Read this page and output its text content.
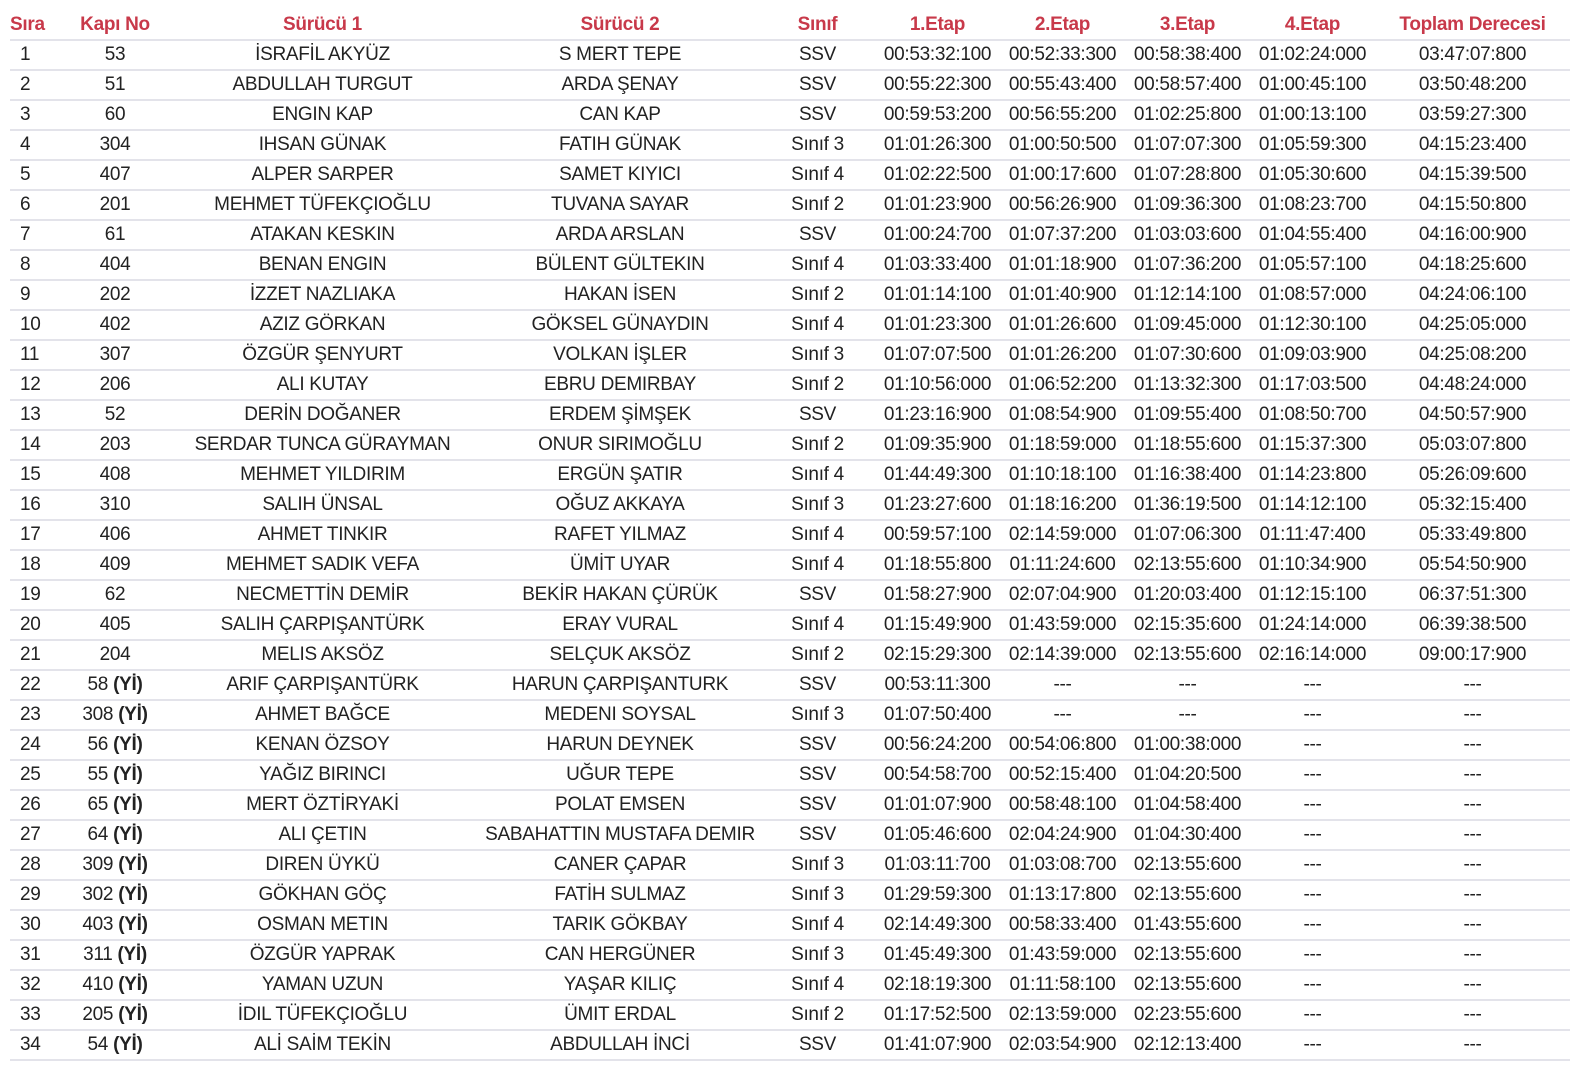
Sıra	Kapı No	Sürücü 1	Sürücü 2	Sınıf	1.Etap	2.Etap	3.Etap	4.Etap	Toplam Derecesi
1	53	İSRAFİL AKYÜZ	S MERT TEPE	SSV	00:53:32:100	00:52:33:300	00:58:38:400	01:02:24:000	03:47:07:800
2	51	ABDULLAH TURGUT	ARDA ŞENAY	SSV	00:55:22:300	00:55:43:400	00:58:57:400	01:00:45:100	03:50:48:200
3	60	ENGIN KAP	CAN KAP	SSV	00:59:53:200	00:56:55:200	01:02:25:800	01:00:13:100	03:59:27:300
4	304	IHSAN GÜNAK	FATIH GÜNAK	Sınıf 3	01:01:26:300	01:00:50:500	01:07:07:300	01:05:59:300	04:15:23:400
5	407	ALPER SARPER	SAMET KIYICI	Sınıf 4	01:02:22:500	01:00:17:600	01:07:28:800	01:05:30:600	04:15:39:500
6	201	MEHMET TÜFEKÇIOĞLU	TUVANA SAYAR	Sınıf 2	01:01:23:900	00:56:26:900	01:09:36:300	01:08:23:700	04:15:50:800
7	61	ATAKAN KESKIN	ARDA ARSLAN	SSV	01:00:24:700	01:07:37:200	01:03:03:600	01:04:55:400	04:16:00:900
8	404	BENAN ENGIN	BÜLENT GÜLTEKIN	Sınıf 4	01:03:33:400	01:01:18:900	01:07:36:200	01:05:57:100	04:18:25:600
9	202	İZZET NAZLIAKA	HAKAN İSEN	Sınıf 2	01:01:14:100	01:01:40:900	01:12:14:100	01:08:57:000	04:24:06:100
10	402	AZIZ GÖRKAN	GÖKSEL GÜNAYDIN	Sınıf 4	01:01:23:300	01:01:26:600	01:09:45:000	01:12:30:100	04:25:05:000
11	307	ÖZGÜR ŞENYURT	VOLKAN İŞLER	Sınıf 3	01:07:07:500	01:01:26:200	01:07:30:600	01:09:03:900	04:25:08:200
12	206	ALI KUTAY	EBRU DEMIRBAY	Sınıf 2	01:10:56:000	01:06:52:200	01:13:32:300	01:17:03:500	04:48:24:000
13	52	DERİN DOĞANER	ERDEM ŞİMŞEK	SSV	01:23:16:900	01:08:54:900	01:09:55:400	01:08:50:700	04:50:57:900
14	203	SERDAR TUNCA GÜRAYMAN	ONUR SIRIMOĞLU	Sınıf 2	01:09:35:900	01:18:59:000	01:18:55:600	01:15:37:300	05:03:07:800
15	408	MEHMET YILDIRIM	ERGÜN ŞATIR	Sınıf 4	01:44:49:300	01:10:18:100	01:16:38:400	01:14:23:800	05:26:09:600
16	310	SALIH ÜNSAL	OĞUZ AKKAYA	Sınıf 3	01:23:27:600	01:18:16:200	01:36:19:500	01:14:12:100	05:32:15:400
17	406	AHMET TINKIR	RAFET YILMAZ	Sınıf 4	00:59:57:100	02:14:59:000	01:07:06:300	01:11:47:400	05:33:49:800
18	409	MEHMET SADIK VEFA	ÜMİT UYAR	Sınıf 4	01:18:55:800	01:11:24:600	02:13:55:600	01:10:34:900	05:54:50:900
19	62	NECMETTİN DEMİR	BEKİR HAKAN ÇÜRÜK	SSV	01:58:27:900	02:07:04:900	01:20:03:400	01:12:15:100	06:37:51:300
20	405	SALIH ÇARPIŞANTÜRK	ERAY VURAL	Sınıf 4	01:15:49:900	01:43:59:000	02:15:35:600	01:24:14:000	06:39:38:500
21	204	MELIS AKSÖZ	SELÇUK AKSÖZ	Sınıf 2	02:15:29:300	02:14:39:000	02:13:55:600	02:16:14:000	09:00:17:900
22	58 (Yİ)	ARIF ÇARPIŞANTÜRK	HARUN ÇARPIŞANTURK	SSV	00:53:11:300	---	---	---	---
23	308 (Yİ)	AHMET BAĞCE	MEDENI SOYSAL	Sınıf 3	01:07:50:400	---	---	---	---
24	56 (Yİ)	KENAN ÖZSOY	HARUN DEYNEK	SSV	00:56:24:200	00:54:06:800	01:00:38:000	---	---
25	55 (Yİ)	YAĞIZ BIRINCI	UĞUR TEPE	SSV	00:54:58:700	00:52:15:400	01:04:20:500	---	---
26	65 (Yİ)	MERT ÖZTİRYAKİ	POLAT EMSEN	SSV	01:01:07:900	00:58:48:100	01:04:58:400	---	---
27	64 (Yİ)	ALI ÇETIN	SABAHATTIN MUSTAFA DEMIR	SSV	01:05:46:600	02:04:24:900	01:04:30:400	---	---
28	309 (Yİ)	DIREN ÜYKÜ	CANER ÇAPAR	Sınıf 3	01:03:11:700	01:03:08:700	02:13:55:600	---	---
29	302 (Yİ)	GÖKHAN GÖÇ	FATİH SULMAZ	Sınıf 3	01:29:59:300	01:13:17:800	02:13:55:600	---	---
30	403 (Yİ)	OSMAN METIN	TARIK GÖKBAY	Sınıf 4	02:14:49:300	00:58:33:400	01:43:55:600	---	---
31	311 (Yİ)	ÖZGÜR YAPRAK	CAN HERGÜNER	Sınıf 3	01:45:49:300	01:43:59:000	02:13:55:600	---	---
32	410 (Yİ)	YAMAN UZUN	YAŞAR KILIÇ	Sınıf 4	02:18:19:300	01:11:58:100	02:13:55:600	---	---
33	205 (Yİ)	İDIL TÜFEKÇIOĞLU	ÜMIT ERDAL	Sınıf 2	01:17:52:500	02:13:59:000	02:23:55:600	---	---
34	54 (Yİ)	ALİ SAİM TEKİN	ABDULLAH İNCİ	SSV	01:41:07:900	02:03:54:900	02:12:13:400	---	---
